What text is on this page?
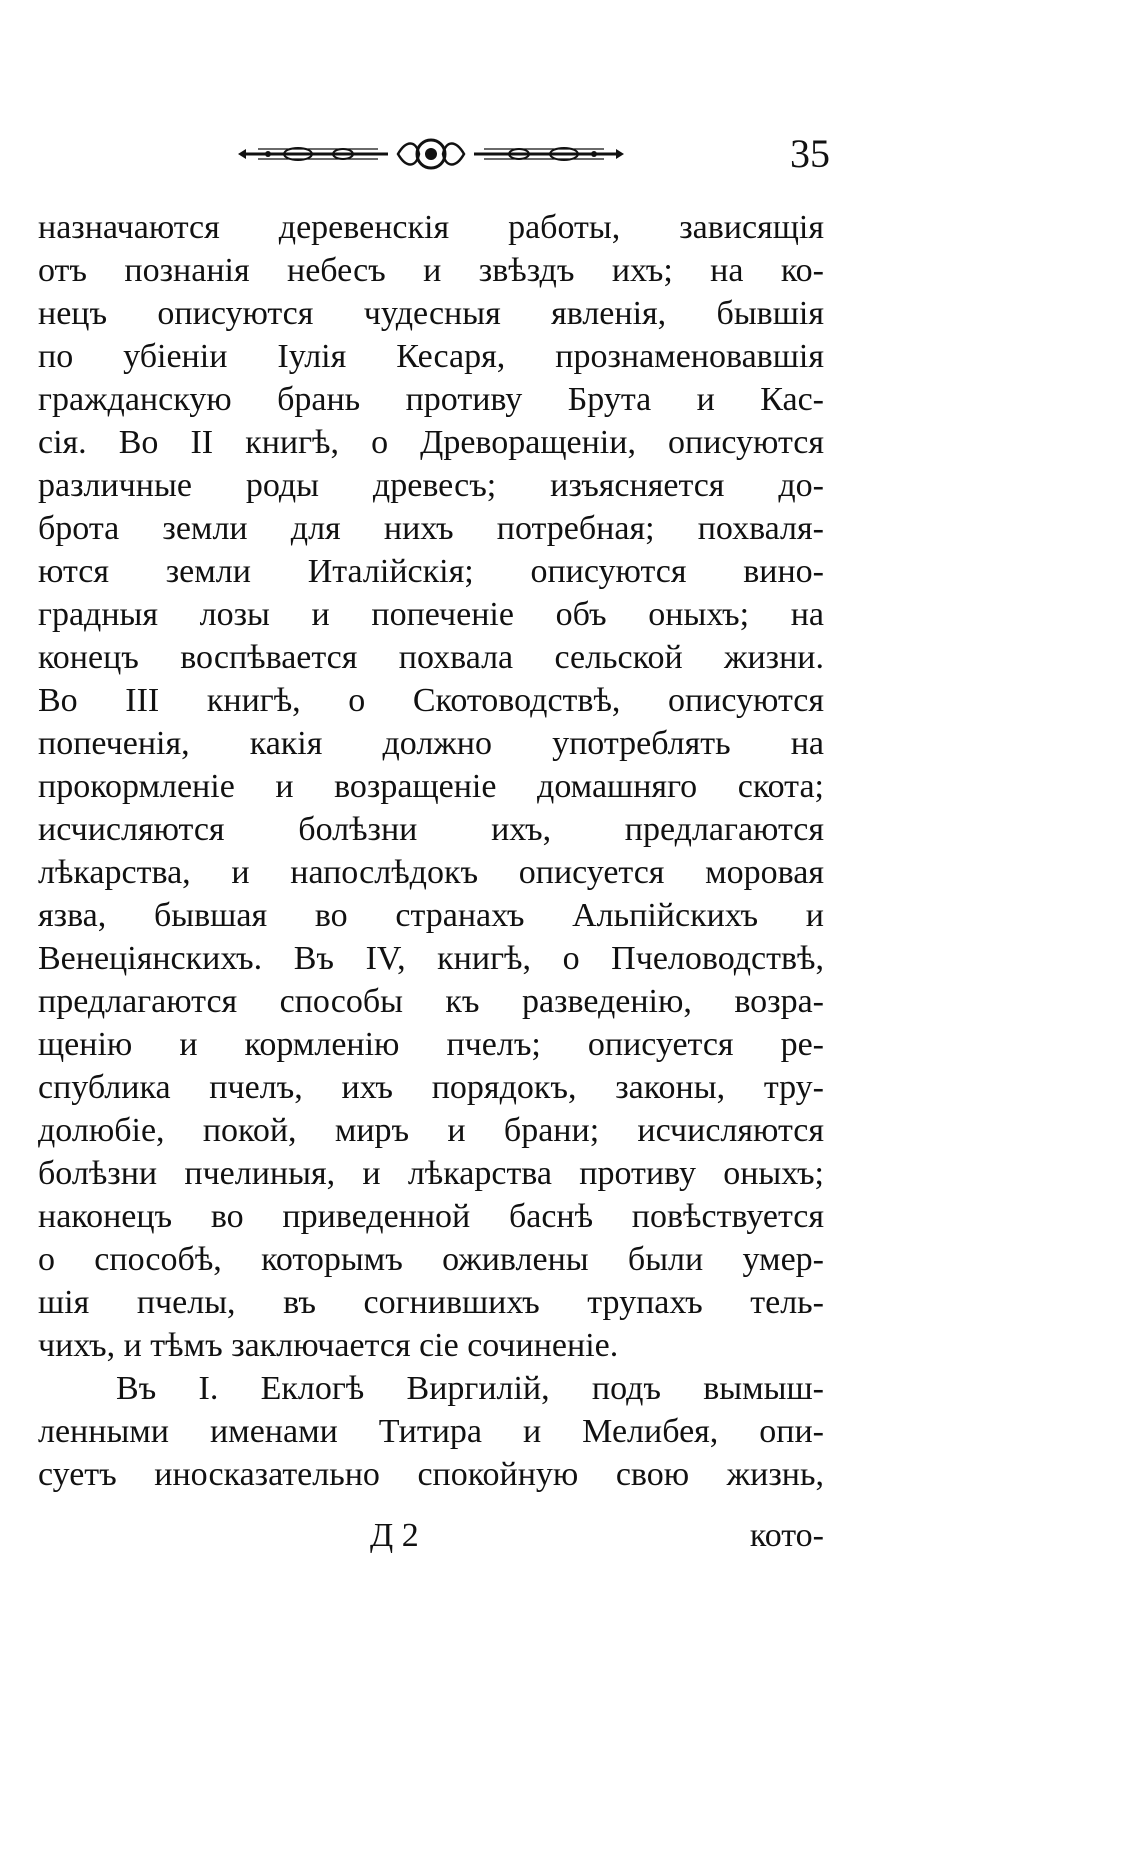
35
назначаются деревенскія работы, зависящія
отъ познанія небесъ и звѣздъ ихъ; на ко-
нецъ описуются чудесныя явленія, бывшія
по убіеніи Іулія Кесаря, прознаменовавшія
гражданскую брань противу Брута и Кас-
сія. Во II книгѣ, о Древоращеніи, описуются
различные роды древесъ; изъясняется до-
брота земли для нихъ потребная; похваля-
ются земли Италійскія; описуются вино-
градныя лозы и попеченіе объ оныхъ; на
конецъ воспѣвается похвала сельской жизни.
Во III книгѣ, о Скотоводствѣ, описуются
попеченія, какія должно употреблять на
прокормленіе и возращеніе домашняго скота;
исчисляются болѣзни ихъ, предлагаются
лѣкарства, и напослѣдокъ описуется моровая
язва, бывшая во странахъ Альпійскихъ и
Венеціянскихъ. Въ IV, книгѣ, о Пчеловодствѣ,
предлагаются способы къ разведенію, возра-
щенію и кормленію пчелъ; описуется ре-
спублика пчелъ, ихъ порядокъ, законы, тру-
долюбіе, покой, миръ и брани; исчисляются
болѣзни пчелиныя, и лѣкарства противу оныхъ;
наконецъ во приведенной баснѣ повѣствуется
о способѣ, которымъ оживлены были умер-
шія пчелы, въ согнившихъ трупахъ тель-
чихъ, и тѣмъ заключается сіе сочиненіе.
Въ І. Еклогѣ Виргилій, подъ вымыш-
ленными именами Титира и Мелибея, опи-
суетъ иносказательно спокойную свою жизнь,
Д 2	кото-
